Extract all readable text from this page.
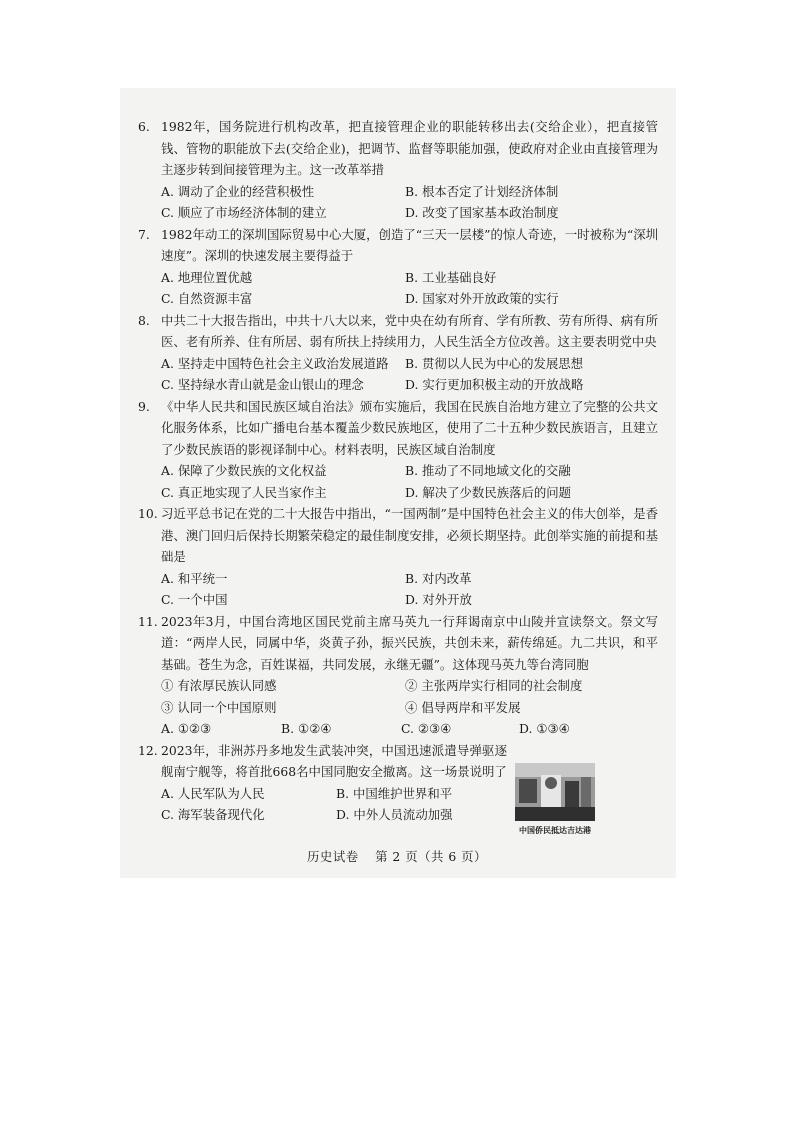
6. 1982年，国务院进行机构改革，把直接管理企业的职能转移出去(交给企业），把直接管钱、管物的职能放下去(交给企业)，把调节、监督等职能加强，使政府对企业由直接管理为主逐步转到间接管理为主。这一改革举措
A. 调动了企业的经营积极性	B. 根本否定了计划经济体制
C. 顺应了市场经济体制的建立	D. 改变了国家基本政治制度
7. 1982年动工的深圳国际贸易中心大厦，创造了“三天一层楼”的惊人奇迹，一时被称为“深圳速度”。深圳的快速发展主要得益于
A. 地理位置优越	B. 工业基础良好
C. 自然资源丰富	D. 国家对外开放政策的实行
8. 中共二十大报告指出，中共十八大以来，党中央在幼有所育、学有所教、劳有所得、病有所医、老有所养、住有所居、弱有所扶上持续用力，人民生活全方位改善。这主要表明党中央
A. 坚持走中国特色社会主义政治发展道路	B. 贯彻以人民为中心的发展思想
C. 坚持绿水青山就是金山银山的理念	D. 实行更加积极主动的开放战略
9. 《中华人民共和国民族区域自治法》颁布实施后，我国在民族自治地方建立了完整的公共文化服务体系，比如广播电台基本覆盖少数民族地区，使用了二十五种少数民族语言，且建立了少数民族语的影视译制中心。材料表明，民族区域自治制度
A. 保障了少数民族的文化权益	B. 推动了不同地域文化的交融
C. 真正地实现了人民当家作主	D. 解决了少数民族落后的问题
10. 习近平总书记在党的二十大报告中指出，“一国两制”是中国特色社会主义的伟大创举，是香港、澳门回归后保持长期繁荣稳定的最佳制度安排，必须长期坚持。此创举实施的前提和基础是
A. 和平统一	B. 对内改革
C. 一个中国	D. 对外开放
11. 2023年3月，中国台湾地区国民党前主席马英九一行拜谒南京中山陵并宣读祭文。祭文写道：“两岸人民，同属中华，炎黄子孙，振兴民族，共创未来，薪传绵延。九二共识，和平基础。苍生为念，百姓谋福，共同发展，永继无疆”。这体现马英九等台湾同胞
① 有浓厚民族认同感	② 主张两岸实行相同的社会制度
③ 认同一个中国原则	④ 倡导两岸和平发展
A. ①②③	B. ①②④	C. ②③④	D. ①③④
12. 2023年，非洲苏丹多地发生武装冲突，中国迅速派遣导弹驱逐舰南宁舰等，将首批668名中国同胞安全撤离。这一场景说明了
A. 人民军队为人民	B. 中国维护世界和平
C. 海军装备现代化	D. 中外人员流动加强
中国侨民抵达吉达港
历史试卷 第 2 页（共 6 页）
